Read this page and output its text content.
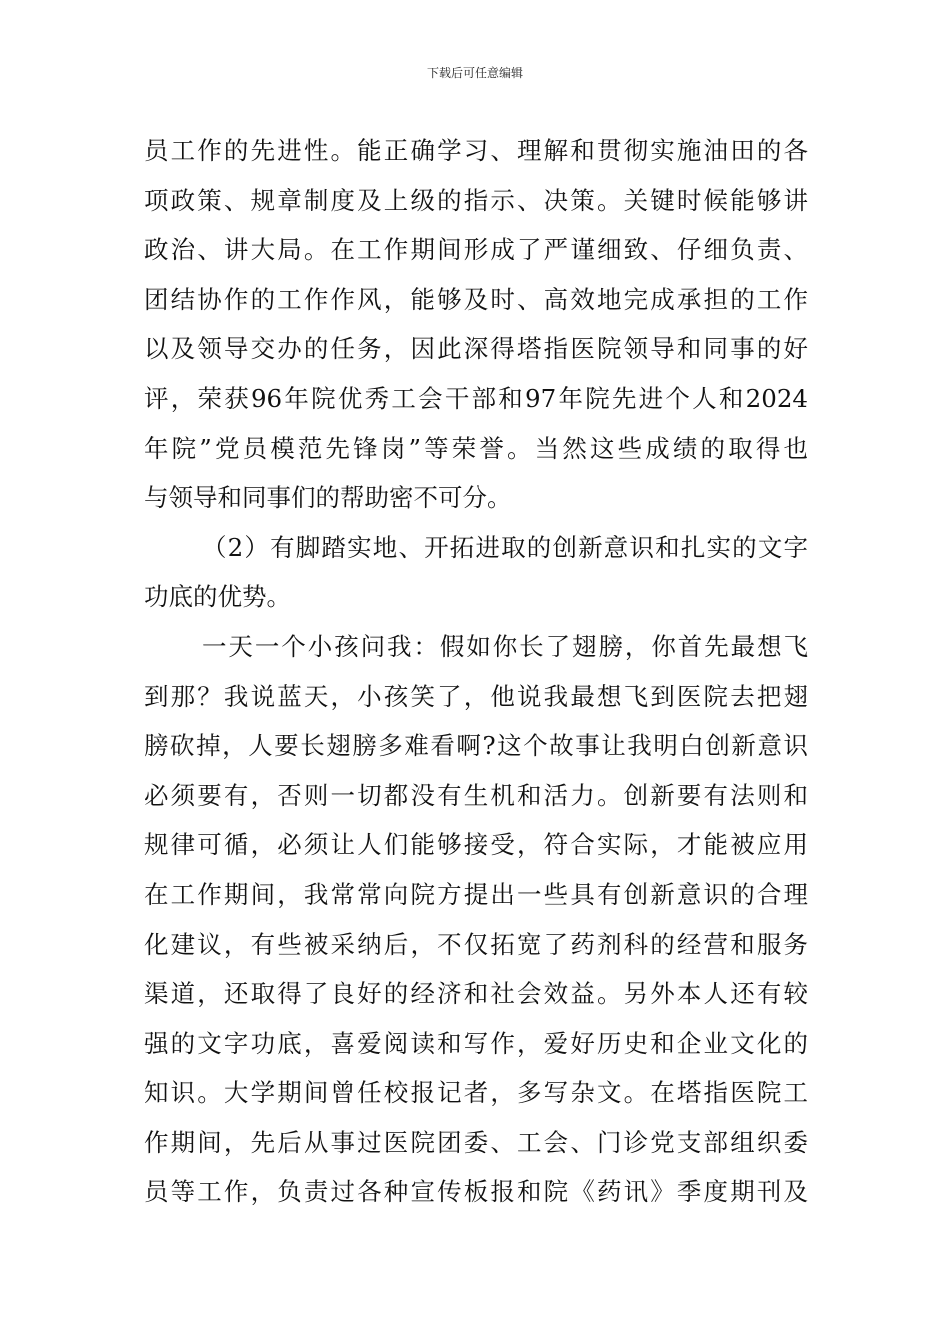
下载后可任意编辑
员工作的先进性。能正确学习、理解和贯彻实施油田的各
项政策、规章制度及上级的指示、决策。关键时候能够讲
政治、讲大局。在工作期间形成了严谨细致、仔细负责、
团结协作的工作作风，能够及时、高效地完成承担的工作
以及领导交办的任务，因此深得塔指医院领导和同事的好
评，荣获96年院优秀工会干部和97年院先进个人和2024
年院”党员模范先锋岗”等荣誉。当然这些成绩的取得也
与领导和同事们的帮助密不可分。
（2）有脚踏实地、开拓进取的创新意识和扎实的文字
功底的优势。
一天一个小孩问我：假如你长了翅膀，你首先最想飞
到那？我说蓝天，小孩笑了，他说我最想飞到医院去把翅
膀砍掉，人要长翅膀多难看啊?这个故事让我明白创新意识
必须要有，否则一切都没有生机和活力。创新要有法则和
规律可循，必须让人们能够接受，符合实际，才能被应用
在工作期间，我常常向院方提出一些具有创新意识的合理
化建议，有些被采纳后，不仅拓宽了药剂科的经营和服务
渠道，还取得了良好的经济和社会效益。另外本人还有较
强的文字功底，喜爱阅读和写作，爱好历史和企业文化的
知识。大学期间曾任校报记者，多写杂文。在塔指医院工
作期间，先后从事过医院团委、工会、门诊党支部组织委
员等工作，负责过各种宣传板报和院《药讯》季度期刊及
